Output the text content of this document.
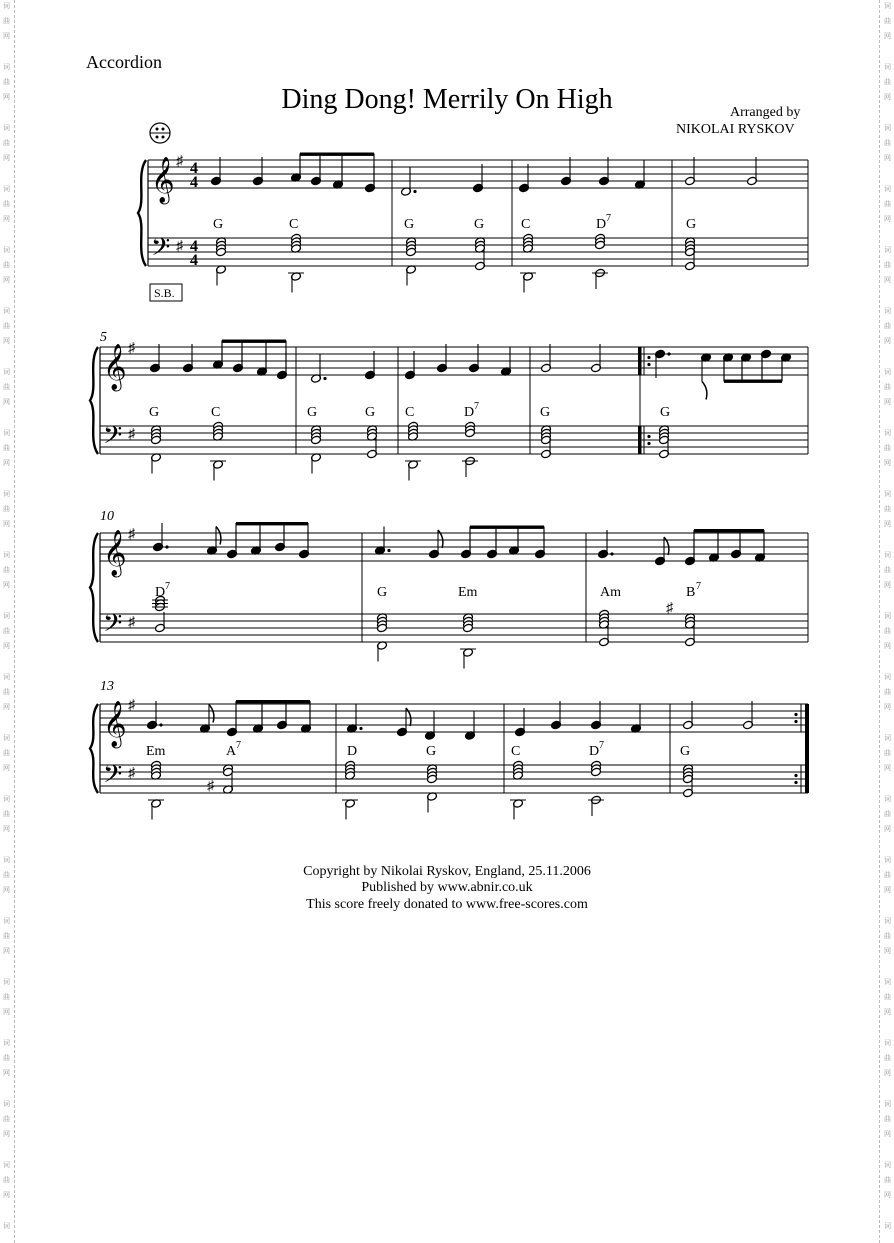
词
曲
网
词
曲
网
词
曲
网
词
曲
网
词
曲
网
词
曲
网
词
曲
网
词
曲
网
词
曲
网
词
曲
网
词
曲
网
词
曲
网
词
曲
网
词
曲
网
词
曲
网
词
曲
网
词
曲
网
词
曲
网
词
曲
网
词
曲
网
词
词
曲
网
词
曲
网
词
曲
网
词
曲
网
词
曲
网
词
曲
网
词
曲
网
词
曲
网
词
曲
网
词
曲
网
词
曲
网
词
曲
网
词
曲
网
词
曲
网
词
曲
网
词
曲
网
词
曲
网
词
曲
网
词
曲
网
词
曲
网
词
Accordion
Ding Dong! Merrily On High	Arranged by
NIKOLAI RYSKOV
Copyright by Nikolai Ryskov, England, 25.11.2006
Published by www.abnir.co.uk
This score freely donated to www.free-scores.com
𝄞
𝄢
♯
♯
4
4
4
4
G	C	G	G	C	D 7	G
𝄞
𝄢
♯
♯
5
G	C	G	G C	D 7	G	G
𝄞
𝄢
♯
♯
10
D 7	G	Em	Am	B 7
𝄞
𝄢
♯
♯
13
Em	A 7	D	G	C	D 7	G
♯
♯
S.B.
